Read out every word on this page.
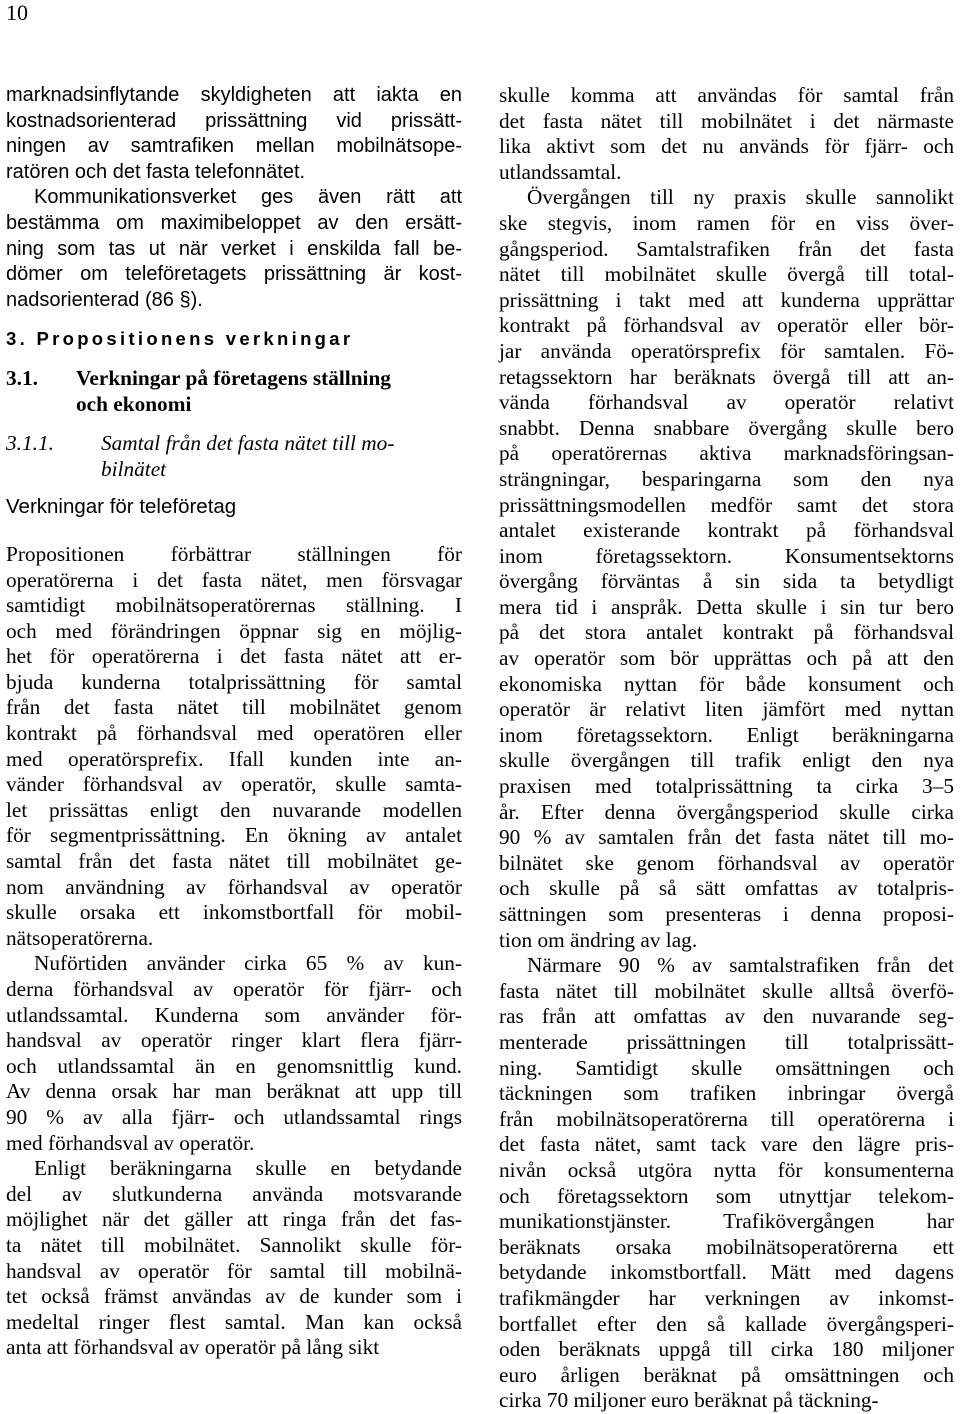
10
marknadsinflytande skyldigheten att iakta en
kostnadsorienterad prissättning vid prissätt-
ningen av samtrafiken mellan mobilnätsope-
ratören och det fasta telefonnätet.
Kommunikationsverket ges även rätt att
bestämma om maximibeloppet av den ersätt-
ning som tas ut när verket i enskilda fall be-
dömer om teleföretagets prissättning är kost-
nadsorienterad (86 §).
3. Propositionens verkningar
3.1.	Verkningar på företagens ställning
och ekonomi
3.1.1.	Samtal från det fasta nätet till mo-
bilnätet
Verkningar för teleföretag
Propositionen förbättrar ställningen för
operatörerna i det fasta nätet, men försvagar
samtidigt mobilnätsoperatörernas ställning. I
och med förändringen öppnar sig en möjlig-
het för operatörerna i det fasta nätet att er-
bjuda kunderna totalprissättning för samtal
från det fasta nätet till mobilnätet genom
kontrakt på förhandsval med operatören eller
med operatörsprefix. Ifall kunden inte an-
vänder förhandsval av operatör, skulle samta-
let prissättas enligt den nuvarande modellen
för segmentprissättning. En ökning av antalet
samtal från det fasta nätet till mobilnätet ge-
nom användning av förhandsval av operatör
skulle orsaka ett inkomstbortfall för mobil-
nätsoperatörerna.
Nuförtiden använder cirka 65 % av kun-
derna förhandsval av operatör för fjärr- och
utlandssamtal. Kunderna som använder för-
handsval av operatör ringer klart flera fjärr-
och utlandssamtal än en genomsnittlig kund.
Av denna orsak har man beräknat att upp till
90 % av alla fjärr- och utlandssamtal rings
med förhandsval av operatör.
Enligt beräkningarna skulle en betydande
del av slutkunderna använda motsvarande
möjlighet när det gäller att ringa från det fas-
ta nätet till mobilnätet. Sannolikt skulle för-
handsval av operatör för samtal till mobilnä-
tet också främst användas av de kunder som i
medeltal ringer flest samtal. Man kan också
anta att förhandsval av operatör på lång sikt
skulle komma att användas för samtal från
det fasta nätet till mobilnätet i det närmaste
lika aktivt som det nu används för fjärr- och
utlandssamtal.
Övergången till ny praxis skulle sannolikt
ske stegvis, inom ramen för en viss över-
gångsperiod. Samtalstrafiken från det fasta
nätet till mobilnätet skulle övergå till total-
prissättning i takt med att kunderna upprättar
kontrakt på förhandsval av operatör eller bör-
jar använda operatörsprefix för samtalen. Fö-
retagssektorn har beräknats övergå till att an-
vända förhandsval av operatör relativt
snabbt. Denna snabbare övergång skulle bero
på operatörernas aktiva marknadsföringsan-
strängningar, besparingarna som den nya
prissättningsmodellen medför samt det stora
antalet existerande kontrakt på förhandsval
inom företagssektorn. Konsumentsektorns
övergång förväntas å sin sida ta betydligt
mera tid i anspråk. Detta skulle i sin tur bero
på det stora antalet kontrakt på förhandsval
av operatör som bör upprättas och på att den
ekonomiska nyttan för både konsument och
operatör är relativt liten jämfört med nyttan
inom företagssektorn. Enligt beräkningarna
skulle övergången till trafik enligt den nya
praxisen med totalprissättning ta cirka 3–5
år. Efter denna övergångsperiod skulle cirka
90 % av samtalen från det fasta nätet till mo-
bilnätet ske genom förhandsval av operatör
och skulle på så sätt omfattas av totalpris-
sättningen som presenteras i denna proposi-
tion om ändring av lag.
Närmare 90 % av samtalstrafiken från det
fasta nätet till mobilnätet skulle alltså överfö-
ras från att omfattas av den nuvarande seg-
menterade prissättningen till totalprissätt-
ning. Samtidigt skulle omsättningen och
täckningen som trafiken inbringar övergå
från mobilnätsoperatörerna till operatörerna i
det fasta nätet, samt tack vare den lägre pris-
nivån också utgöra nytta för konsumenterna
och företagssektorn som utnyttjar telekom-
munikationstjänster. Trafikövergången har
beräknats orsaka mobilnätsoperatörerna ett
betydande inkomstbortfall. Mätt med dagens
trafikmängder har verkningen av inkomst-
bortfallet efter den så kallade övergångsperi-
oden beräknats uppgå till cirka 180 miljoner
euro årligen beräknat på omsättningen och
cirka 70 miljoner euro beräknat på täckning-
